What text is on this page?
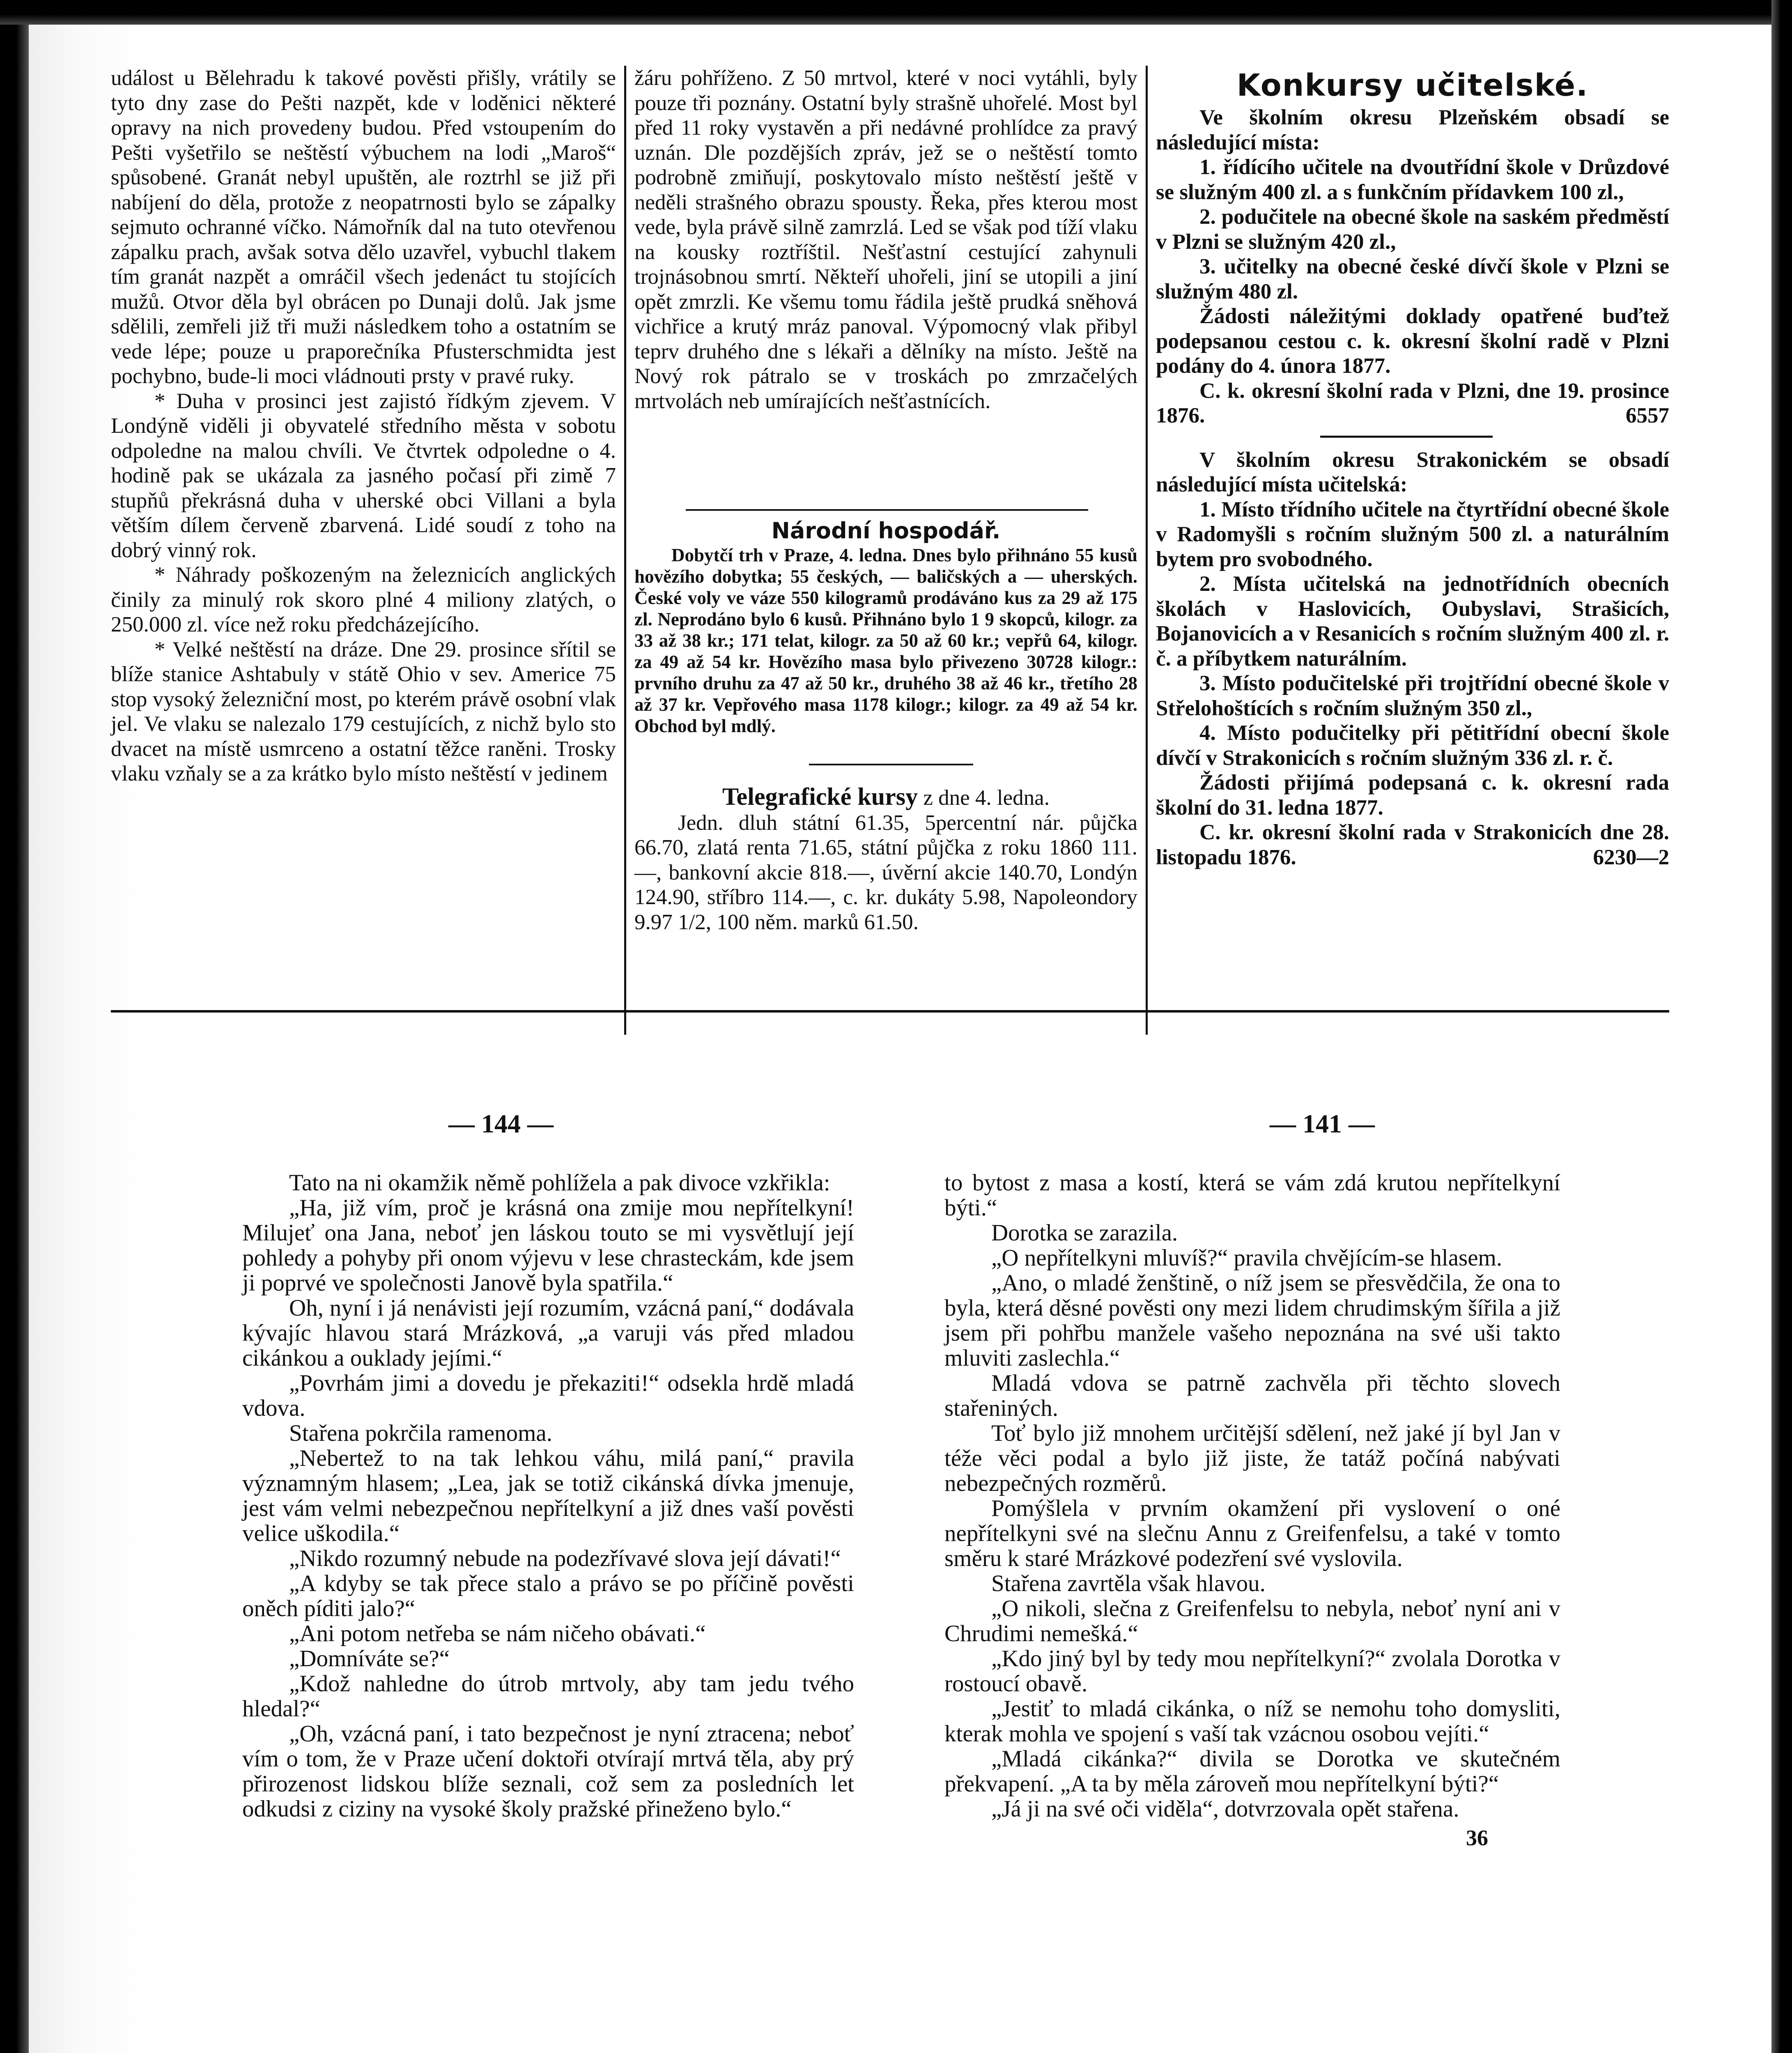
událost u Bělehradu k takové pověsti přišly, vrátily se tyto dny zase do Pešti nazpět, kde v loděnici některé opravy na nich provedeny budou. Před vstoupením do Pešti vyšetřilo se neštěstí výbuchem na lodi „Maroš“ spůsobené. Granát nebyl upuštěn, ale roztrhl se již při nabíjení do děla, protože z neopatrnosti bylo se zápalky sejmuto ochranné víčko. Námořník dal na tuto otevřenou zápalku prach, avšak sotva dělo uzavřel, vybuchl tlakem tím granát nazpět a omráčil všech jedenáct tu stojících mužů. Otvor děla byl obrácen po Dunaji dolů. Jak jsme sdělili, zemřeli již tři muži následkem toho a ostatním se vede lépe; pouze u praporečníka Pfusterschmidta jest pochybno, bude-li moci vládnouti prsty v pravé ruky.

* Duha v prosinci jest zajistó řídkým zjevem. V Londýně viděli ji obyvatelé středního města v sobotu odpoledne na malou chvíli. Ve čtvrtek odpoledne o 4. hodině pak se ukázala za jasného počasí při zimě 7 stupňů překrásná duha v uherské obci Villani a byla větším dílem červeně zbarvená. Lidé soudí z toho na dobrý vinný rok.

* Náhrady poškozeným na železnicích anglických činily za minulý rok skoro plné 4 miliony zlatých, o 250.000 zl. více než roku předcházejícího.

* Velké neštěstí na dráze. Dne 29. prosince sřítil se blíže stanice Ashtabuly v státě Ohio v sev. Americe 75 stop vysoký železniční most, po kterém právě osobní vlak jel. Ve vlaku se nalezalo 179 cestujících, z nichž bylo sto dvacet na místě usmrceno a ostatní těžce raněni. Trosky vlaku vzňaly se a za krátko bylo místo neštěstí v jedinem

žáru pohříženo. Z 50 mrtvol, které v noci vytáhli, byly pouze tři poznány. Ostatní byly strašně uhořelé. Most byl před 11 roky vystavěn a při nedávné prohlídce za pravý uznán. Dle pozdějších zpráv, jež se o neštěstí tomto podrobně zmiňují, poskytovalo místo neštěstí ještě v neděli strašného obrazu spousty. Řeka, přes kterou most vede, byla právě silně zamrzlá. Led se však pod tíží vlaku na kousky roztříštil. Nešťastní cestující zahynuli trojnásobnou smrtí. Někteří uhořeli, jiní se utopili a jiní opět zmrzli. Ke všemu tomu řádila ještě prudká sněhová vichřice a krutý mráz panoval. Výpomocný vlak přibyl teprv druhého dne s lékaři a dělníky na místo. Ještě na Nový rok pátralo se v troskách po zmrzačelých mrtvolách neb umírajících nešťastnících.

Národní hospodář.

Dobytčí trh v Praze, 4. ledna. Dnes bylo přihnáno 55 kusů hovězího dobytka; 55 českých, — baličských a — uherských. České voly ve váze 550 kilogramů prodáváno kus za 29 až 175 zl. Neprodáno bylo 6 kusů. Přihnáno bylo 1 9 skopců, kilogr. za 33 až 38 kr.; 171 telat, kilogr. za 50 až 60 kr.; vepřů 64, kilogr. za 49 až 54 kr. Hovězího masa bylo přivezeno 30728 kilogr.: prvního druhu za 47 až 50 kr., druhého 38 až 46 kr., třetího 28 až 37 kr. Vepřového masa 1178 kilogr.; kilogr. za 49 až 54 kr. Obchod byl mdlý.

Telegrafické kursy z dne 4. ledna.

Jedn. dluh státní 61.35, 5percentní nár. půjčka 66.70, zlatá renta 71.65, státní půjčka z roku 1860 111.—, bankovní akcie 818.—, úvěrní akcie 140.70, Londýn 124.90, stříbro 114.—, c. kr. dukáty 5.98, Napoleondory 9.97 1/2, 100 něm. marků 61.50.

Konkursy učitelské.

Ve školním okresu Plzeňském obsadí se následující místa:

1. řídícího učitele na dvoutřídní škole v Drůzdové se služným 400 zl. a s funkčním přídavkem 100 zl.,

2. podučitele na obecné škole na saském předměstí v Plzni se služným 420 zl.,

3. učitelky na obecné české dívčí škole v Plzni se služným 480 zl.

Žádosti náležitými doklady opatřené buďtež podepsanou cestou c. k. okresní školní radě v Plzni podány do 4. února 1877.

C. k. okresní školní rada v Plzni, dne 19. prosince 1876.	6557

V školním okresu Strakonickém se obsadí následující místa učitelská:

1. Místo třídního učitele na čtyrtřídní obecné škole v Radomyšli s ročním služným 500 zl. a naturálním bytem pro svobodného.

2. Místa učitelská na jednotřídních obecních školách v Haslovicích, Oubyslavi, Strašicích, Bojanovicích a v Resanicích s ročním služným 400 zl. r. č. a příbytkem naturálním.

3. Místo podučitelské při trojtřídní obecné škole v Střelohoštících s ročním služným 350 zl.,

4. Místo podučitelky při pětitřídní obecní škole dívčí v Strakonicích s ročním služným 336 zl. r. č.

Žádosti přijímá podepsaná c. k. okresní rada školní do 31. ledna 1877.

C. kr. okresní školní rada v Strakonicích dne 28. listopadu 1876.	6230—2

— 144 —	— 141 —

Tato na ni okamžik němě pohlížela a pak divoce vzkřikla:

„Ha, již vím, proč je krásná ona zmije mou nepřítelkyní! Milujeť ona Jana, neboť jen láskou touto se mi vysvětlují její pohledy a pohyby při onom výjevu v lese chrasteckám, kde jsem ji poprvé ve společnosti Janově byla spatřila.“

Oh, nyní i já nenávisti její rozumím, vzácná paní,“ dodávala kývajíc hlavou stará Mrázková, „a varuji vás před mladou cikánkou a ouklady jejími.“

„Povrhám jimi a dovedu je překaziti!“ odsekla hrdě mladá vdova.

Stařena pokrčila ramenoma.

„Nebertež to na tak lehkou váhu, milá paní,“ pravila významným hlasem; „Lea, jak se totiž cikánská dívka jmenuje, jest vám velmi nebezpečnou nepřítelkyní a již dnes vaší pověsti velice uškodila.“

„Nikdo rozumný nebude na podezřívavé slova její dávati!“

„A kdyby se tak přece stalo a právo se po příčině pověsti oněch píditi jalo?“

„Ani potom netřeba se nám ničeho obávati.“

„Domníváte se?“

„Kdož nahledne do útrob mrtvoly, aby tam jedu tvého hledal?“

„Oh, vzácná paní, i tato bezpečnost je nyní ztracena; neboť vím o tom, že v Praze učení doktoři otvírají mrtvá těla, aby prý přirozenost lidskou blíže seznali, což sem za posledních let odkudsi z ciziny na vysoké školy pražské přineženo bylo.“

to bytost z masa a kostí, která se vám zdá krutou nepřítelkyní býti.“

Dorotka se zarazila.

„O nepřítelkyni mluvíš?“ pravila chvějícím-se hlasem.

„Ano, o mladé ženštině, o níž jsem se přesvědčila, že ona to byla, která děsné pověsti ony mezi lidem chrudimským šířila a již jsem při pohřbu manžele vašeho nepoznána na své uši takto mluviti zaslechla.“

Mladá vdova se patrně zachvěla při těchto slovech stařeniných.

Toť bylo již mnohem určitější sdělení, než jaké jí byl Jan v téže věci podal a bylo již jiste, že tatáž počíná nabývati nebezpečných rozměrů.

Pomýšlela v prvním okamžení při vyslovení o oné nepřítelkyni své na slečnu Annu z Greifenfelsu, a také v tomto směru k staré Mrázkové podezření své vyslovila.

Stařena zavrtěla však hlavou.

„O nikoli, slečna z Greifenfelsu to nebyla, neboť nyní ani v Chrudimi nemešká.“

„Kdo jiný byl by tedy mou nepřítelkyní?“ zvolala Dorotka v rostoucí obavě.

„Jestiť to mladá cikánka, o níž se nemohu toho domysliti, kterak mohla ve spojení s vaší tak vzácnou osobou vejíti.“

„Mladá cikánka?“ divila se Dorotka ve skutečném překvapení. „A ta by měla zároveň mou nepřítelkyní býti?“

„Já ji na své oči viděla“, dotvrzovala opět stařena.

36
